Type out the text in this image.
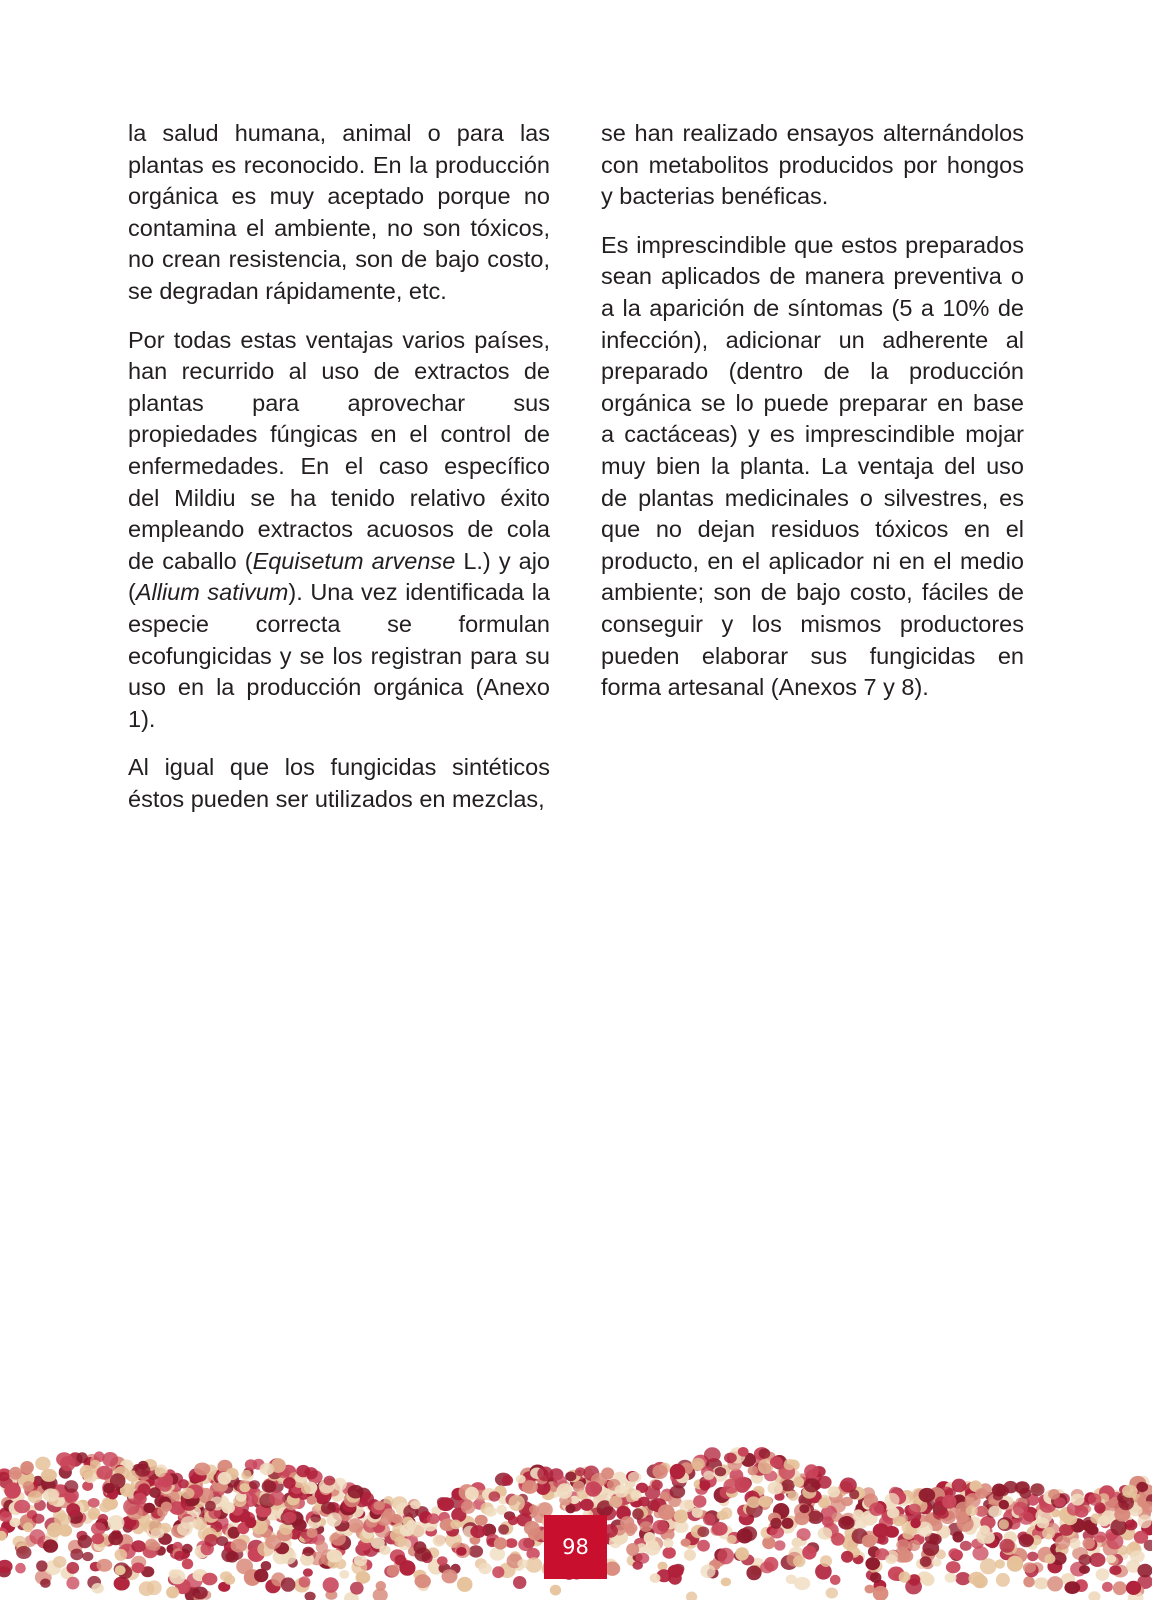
la salud humana, animal o para las plantas es reconocido. En la producción orgánica es muy aceptado porque no contamina el ambiente, no son tóxicos, no crean resistencia, son de bajo costo, se degradan rápidamente, etc.

Por todas estas ventajas varios países, han recurrido al uso de extractos de plantas para aprovechar sus propiedades fúngicas en el control de enfermedades. En el caso específico del Mildiu se ha tenido relativo éxito empleando extractos acuosos de cola de caballo (Equisetum arvense L.) y ajo (Allium sativum). Una vez identificada la especie correcta se formulan ecofungicidas y se los registran para su uso en la producción orgánica (Anexo 1).

Al igual que los fungicidas sintéticos éstos pueden ser utilizados en mezclas,

se han realizado ensayos alternándolos con metabolitos producidos por hongos y bacterias benéficas.

Es imprescindible que estos preparados sean aplicados de manera preventiva o a la aparición de síntomas (5 a 10% de infección), adicionar un adherente al preparado (dentro de la producción orgánica se lo puede preparar en base a cactáceas) y es imprescindible mojar muy bien la planta. La ventaja del uso de plantas medicinales o silvestres, es que no dejan residuos tóxicos en el producto, en el aplicador ni en el medio ambiente; son de bajo costo, fáciles de conseguir y los mismos productores pueden elaborar sus fungicidas en forma artesanal (Anexos 7 y 8).

98
